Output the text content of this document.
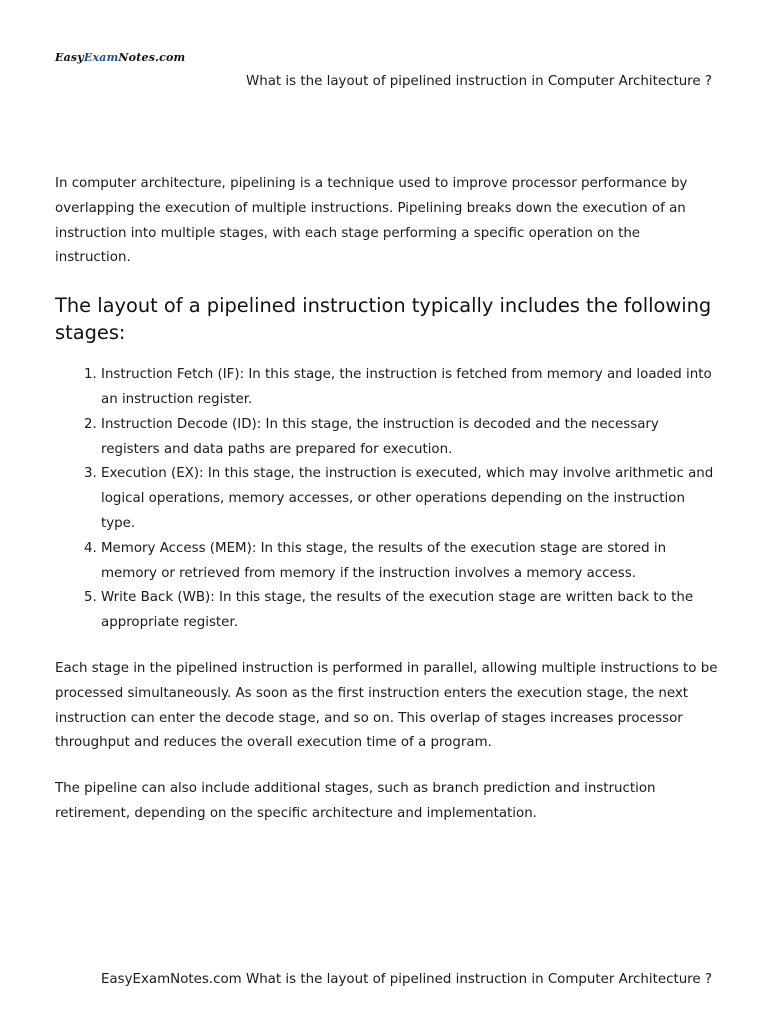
EasyExamNotes.com
What is the layout of pipelined instruction in Computer Architecture ?

In computer architecture, pipelining is a technique used to improve processor performance by overlapping the execution of multiple instructions. Pipelining breaks down the execution of an instruction into multiple stages, with each stage performing a specific operation on the instruction.

The layout of a pipelined instruction typically includes the following stages:
1. Instruction Fetch (IF): In this stage, the instruction is fetched from memory and loaded into an instruction register.
2. Instruction Decode (ID): In this stage, the instruction is decoded and the necessary registers and data paths are prepared for execution.
3. Execution (EX): In this stage, the instruction is executed, which may involve arithmetic and logical operations, memory accesses, or other operations depending on the instruction type.
4. Memory Access (MEM): In this stage, the results of the execution stage are stored in memory or retrieved from memory if the instruction involves a memory access.
5. Write Back (WB): In this stage, the results of the execution stage are written back to the appropriate register.

Each stage in the pipelined instruction is performed in parallel, allowing multiple instructions to be processed simultaneously. As soon as the first instruction enters the execution stage, the next instruction can enter the decode stage, and so on. This overlap of stages increases processor throughput and reduces the overall execution time of a program.

The pipeline can also include additional stages, such as branch prediction and instruction retirement, depending on the specific architecture and implementation.

EasyExamNotes.com What is the layout of pipelined instruction in Computer Architecture ?
